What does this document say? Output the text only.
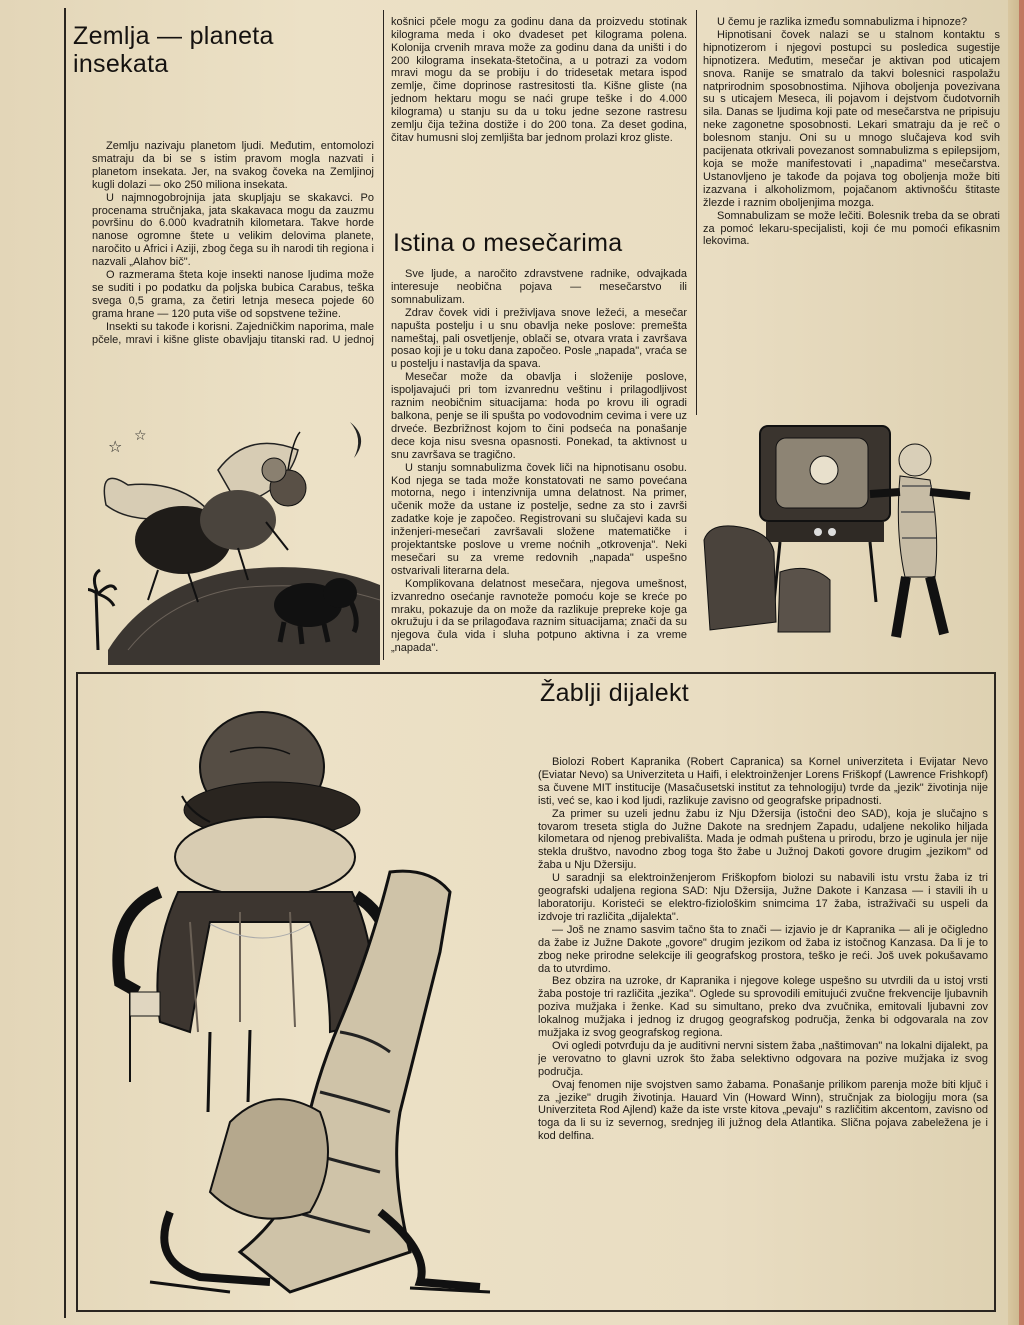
Zemlja — planeta insekata

Zemlju nazivaju planetom ljudi. Međutim, entomolozi smatraju da bi se s istim pravom mogla nazvati i planetom insekata. Jer, na svakog čoveka na Zemljinoj kugli dolazi — oko 250 miliona insekata.

U najmnogobrojnija jata skupljaju se skakavci. Po procenama stručnjaka, jata skakavaca mogu da zauzmu površinu do 6.000 kvadratnih kilometara. Takve horde nanose ogromne štete u velikim delovima planete, naročito u Africi i Aziji, zbog čega su ih narodi tih regiona i nazvali „Alahov bič".

O razmerama šteta koje insekti nanose ljudima može se suditi i po podatku da poljska bubica Carabus, teška svega 0,5 grama, za četiri letnja meseca pojede 60 grama hrane — 120 puta više od sopstvene težine.

Insekti su takođe i korisni. Zajedničkim naporima, male pčele, mravi i kišne gliste obavljaju titanski rad. U jednoj

☆
☆

košnici pčele mogu za godinu dana da proizvedu stotinak kilograma meda i oko dvadeset pet kilograma polena. Kolonija crvenih mrava može za godinu dana da uništi i do 200 kilograma insekata-štetočina, a u potrazi za vodom mravi mogu da se probiju i do tridesetak metara ispod zemlje, čime doprinose rastresitosti tla. Kišne gliste (na jednom hektaru mogu se naći grupe teške i do 4.000 kilograma) u stanju su da u toku jedne sezone rastresu zemlju čija težina dostiže i do 200 tona. Za deset godina, čitav humusni sloj zemljišta bar jednom prolazi kroz gliste.

Istina o mesečarima

Sve ljude, a naročito zdravstvene radnike, odvajkada interesuje neobična pojava — mesečarstvo ili somnabulizam.

Zdrav čovek vidi i preživljava snove ležeći, a mesečar napušta postelju i u snu obavlja neke poslove: premešta nameštaj, pali osvetljenje, oblači se, otvara vrata i završava posao koji je u toku dana započeo. Posle „napada", vraća se u postelju i nastavlja da spava.

Mesečar može da obavlja i složenije poslove, ispoljavajući pri tom izvanrednu veštinu i prilagodljivost raznim neobičnim situacijama: hoda po krovu ili ogradi balkona, penje se ili spušta po vodovodnim cevima i vere uz drveće. Bezbrižnost kojom to čini podseća na ponašanje dece koja nisu svesna opasnosti. Ponekad, ta aktivnost u snu završava se tragično.

U stanju somnabulizma čovek liči na hipnotisanu osobu. Kod njega se tada može konstatovati ne samo povećana motorna, nego i intenzivnija umna delatnost. Na primer, učenik može da ustane iz postelje, sedne za sto i završi zadatke koje je započeo. Registrovani su slučajevi kada su inženjeri-mesečari završavali složene matematičke i projektantske poslove u vreme noćnih „otkrovenja". Neki mesečari su za vreme redovnih „napada" uspešno ostvarivali literarna dela.

Komplikovana delatnost mesečara, njegova umešnost, izvanredno osećanje ravnoteže pomoću koje se kreće po mraku, pokazuje da on može da razlikuje prepreke koje ga okružuju i da se prilagođava raznim situacijama; znači da su njegova čula vida i sluha potpuno aktivna i za vreme „napada".

U čemu je razlika između somnabulizma i hipnoze?

Hipnotisani čovek nalazi se u stalnom kontaktu s hipnotizerom i njegovi postupci su posledica sugestije hipnotizera. Međutim, mesečar je aktivan pod uticajem snova. Ranije se smatralo da takvi bolesnici raspolažu natprirodnim sposobnostima. Njihova oboljenja povezivana su s uticajem Meseca, ili pojavom i dejstvom čudotvornih sila. Danas se ljudima koji pate od mesečarstva ne pripisuju neke zagonetne sposobnosti. Lekari smatraju da je reč o bolesnom stanju. Oni su u mnogo slučajeva kod svih pacijenata otkrivali povezanost somnabulizma s epilepsijom, koja se može manifestovati i „napadima" mesečarstva. Ustanovljeno je takođe da pojava tog oboljenja može biti izazvana i alkoholizmom, pojačanom aktivnošću štitaste žlezde i raznim oboljenjima mozga.

Somnabulizam se može lečiti. Bolesnik treba da se obrati za pomoć lekaru-specijalisti, koji će mu pomoći efikasnim lekovima.

Žablji dijalekt

Biolozi Robert Kapranika (Robert Capranica) sa Kornel univerziteta i Evijatar Nevo (Eviatar Nevo) sa Univerziteta u Haifi, i elektroinženjer Lorens Friškopf (Lawrence Frishkopf) sa čuvene MIT institucije (Masačusetski institut za tehnologiju) tvrde da „jezik" životinja nije isti, već se, kao i kod ljudi, razlikuje zavisno od geografske pripadnosti.

Za primer su uzeli jednu žabu iz Nju Džersija (istočni deo SAD), koja je slučajno s tovarom treseta stigla do Južne Dakote na srednjem Zapadu, udaljene nekoliko hiljada kilometara od njenog prebivališta. Mada je odmah puštena u prirodu, brzo je uginula jer nije stekla društvo, navodno zbog toga što žabe u Južnoj Dakoti govore drugim „jezikom" od žaba u Nju Džersiju.

U saradnji sa elektroinženjerom Friškopfom biolozi su nabavili istu vrstu žaba iz tri geografski udaljena regiona SAD: Nju Džersija, Južne Dakote i Kanzasa — i stavili ih u laboratoriju. Koristeći se elektro-fiziološkim snimcima 17 žaba, istraživači su uspeli da izdvoje tri različita „dijalekta".

— Još ne znamo sasvim tačno šta to znači — izjavio je dr Kapranika — ali je očigledno da žabe iz Južne Dakote „govore" drugim jezikom od žaba iz istočnog Kanzasa. Da li je to zbog neke prirodne selekcije ili geografskog prostora, teško je reći. Još uvek pokušavamo da to utvrdimo.

Bez obzira na uzroke, dr Kapranika i njegove kolege uspešno su utvrdili da u istoj vrsti žaba postoje tri različita „jezika". Oglede su sprovodili emitujući zvučne frekvencije ljubavnih poziva mužjaka i ženke. Kad su simultano, preko dva zvučnika, emitovali ljubavni zov lokalnog mužjaka i jednog iz drugog geografskog područja, ženka bi odgovarala na zov mužjaka iz svog geografskog regiona.

Ovi ogledi potvrđuju da je auditivni nervni sistem žaba „naštimovan" na lokalni dijalekt, pa je verovatno to glavni uzrok što žaba selektivno odgovara na pozive mužjaka iz svog područja.

Ovaj fenomen nije svojstven samo žabama. Ponašanje prilikom parenja može biti ključ i za „jezike" drugih životinja. Hauard Vin (Howard Winn), stručnjak za biologiju mora (sa Univerziteta Rod Ajlend) kaže da iste vrste kitova „pevaju" s različitim akcentom, zavisno od toga da li su iz severnog, srednjeg ili južnog dela Atlantika. Slična pojava zabeležena je i kod delfina.
